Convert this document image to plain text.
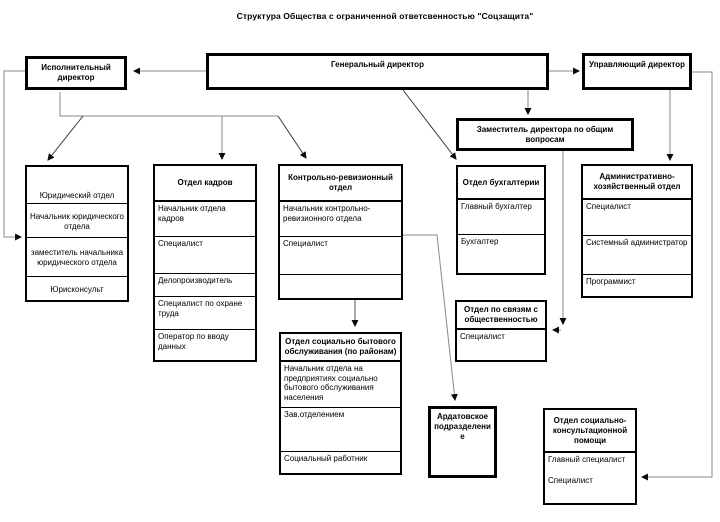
Структура Общества с ограниченной ответсвенностью "Соцзащита"
Исполнительный директор
Генеральный директор	Управляющий директор
Заместитель директора по общим вопросам
Юридический отдел
Начальник юридического отдела
заместитель начальника юридического отдела
Юрисконсульт
Отдел кадров
Начальник отдела кадров
Специалист
Делопроизводитель
Специалист по охране труда
Оператор по вводу данных
Контрольно-ревизионный отдел
Начальник контрольно-ревизионного отдела
Специалист
Отдел социально бытового обслуживания (по районам)
Начальник отдела на предприятиях социально бытового обслуживания населения
Зав.отделением
Социальный работник
Отдел бухгалтерии
Главный бухгалтер
Бухгалтер
Административно-хозяйственный отдел
Специалист
Системный администратор
Программист
Отдел по связям с общественностью
Специалист
Ардатовское подразделение
Отдел социально-консультационной помощи
Главный специалист
Специалист
